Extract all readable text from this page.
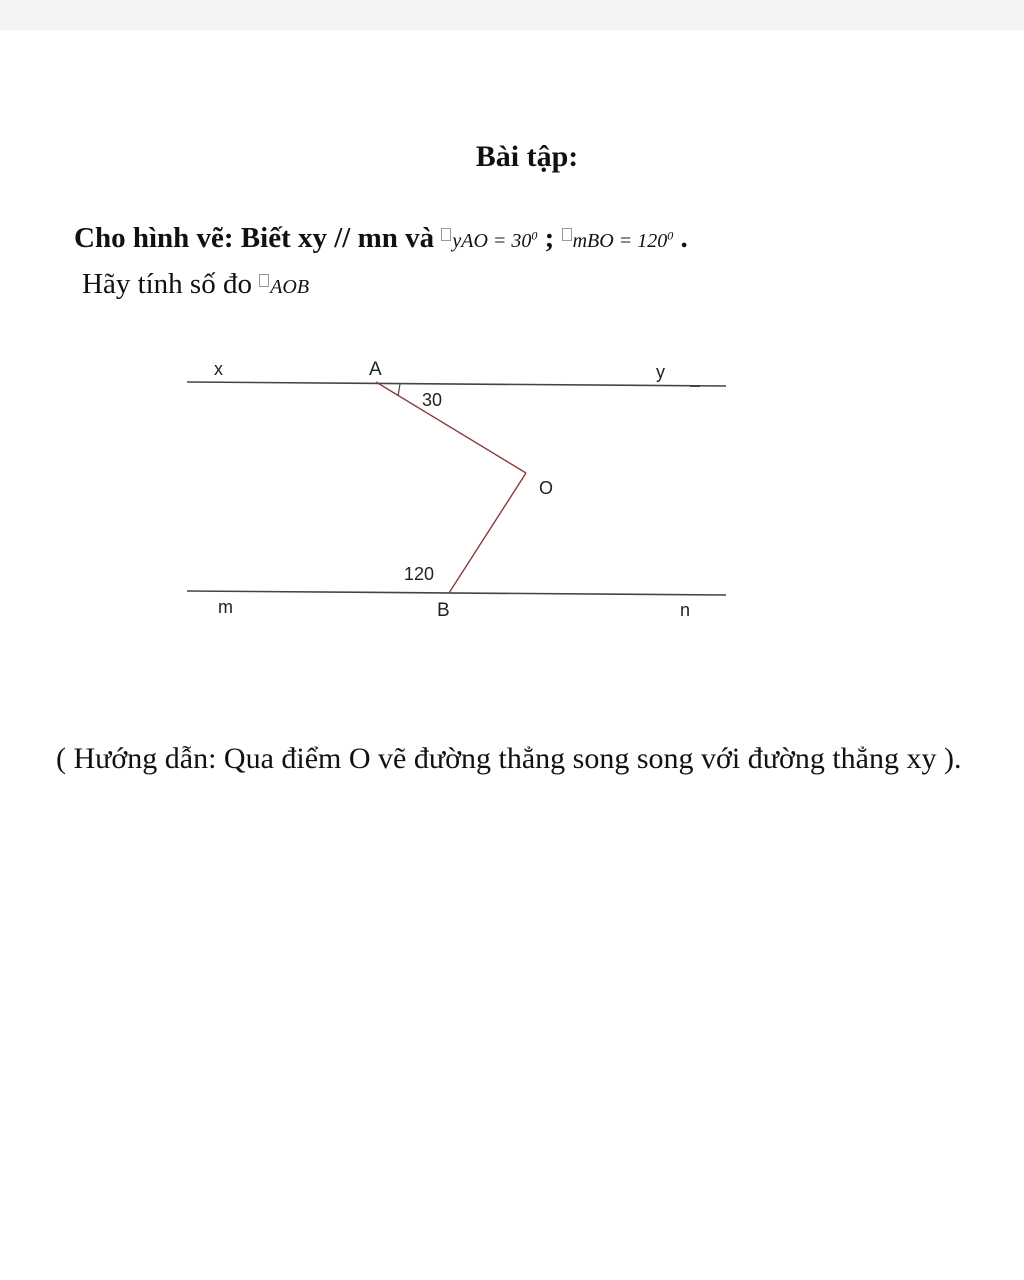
Bài tập:
Cho hình vẽ: Biết xy // mn và yAO = $30^0$ ; mBO = $120^0$ .
Hãy tính số đo AOB
x	A	y
30
O
120
m	B	n
( Hướng dẫn: Qua điểm O vẽ đường thẳng song song với đường thẳng xy ).
